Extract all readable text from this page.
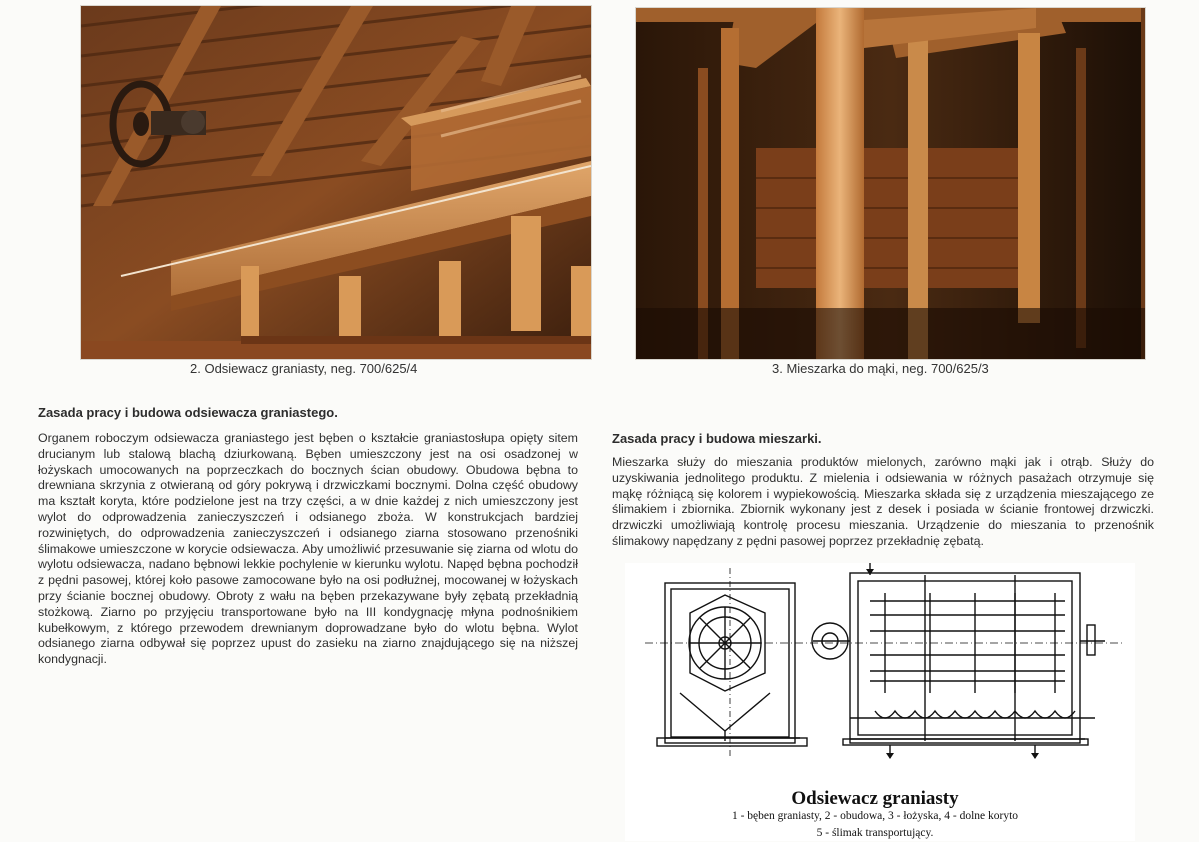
2. Odsiewacz graniasty, neg. 700/625/4	3. Mieszarka do mąki, neg. 700/625/3
Zasada pracy i budowa odsiewacza graniastego.
Organem roboczym odsiewacza graniastego jest bęben o kształcie graniastosłupa opięty sitem drucianym lub stalową blachą dziurkowaną. Bęben umieszczony jest na osi osadzonej w łożyskach umocowanych na poprzeczkach do bocznych ścian obudowy. Obudowa bębna to drewniana skrzynia z otwieraną od góry pokrywą i drzwiczkami bocznymi. Dolna część obudowy ma kształt koryta, które podzielone jest na trzy części, a w dnie każdej z nich umieszczony jest wylot do odprowadzenia zanieczyszczeń i odsianego zboża. W konstrukcjach bardziej rozwiniętych, do odprowadzenia zanieczyszczeń i odsianego ziarna stosowano przenośniki ślimakowe umieszczone w korycie odsiewacza. Aby umożliwić przesuwanie się ziarna od wlotu do wylotu odsiewacza, nadano bębnowi lekkie pochylenie w kierunku wylotu. Napęd bębna pochodził z pędni pasowej, której koło pasowe zamocowane było na osi podłużnej, mocowanej w łożyskach przy ścianie bocznej obudowy. Obroty z wału na bęben przekazywane były zębatą przekładnią stożkową. Ziarno po przyjęciu transportowane było na III kondygnację młyna podnośnikiem kubełkowym, z którego przewodem drewnianym doprowadzane było do wlotu bębna. Wylot odsianego ziarna odbywał się poprzez upust do zasieku na ziarno znajdującego się na niższej kondygnacji.
Zasada pracy i budowa mieszarki.
Mieszarka służy do mieszania produktów mielonych, zarówno mąki jak i otrąb. Służy do uzyskiwania jednolitego produktu. Z mielenia i odsiewania w różnych pasażach otrzymuje się mąkę różniącą się kolorem i wypiekowością. Mieszarka składa się z urządzenia mieszającego ze ślimakiem i zbiornika. Zbiornik wykonany jest z desek i posiada w ścianie frontowej drzwiczki. drzwiczki umożliwiają kontrolę procesu mieszania. Urządzenie do mieszania to przenośnik ślimakowy napędzany z pędni pasowej poprzez przekładnię zębatą.
Odsiewacz graniasty
1 - bęben graniasty, 2 - obudowa, 3 - łożyska, 4 - dolne koryto
5 - ślimak transportujący.
